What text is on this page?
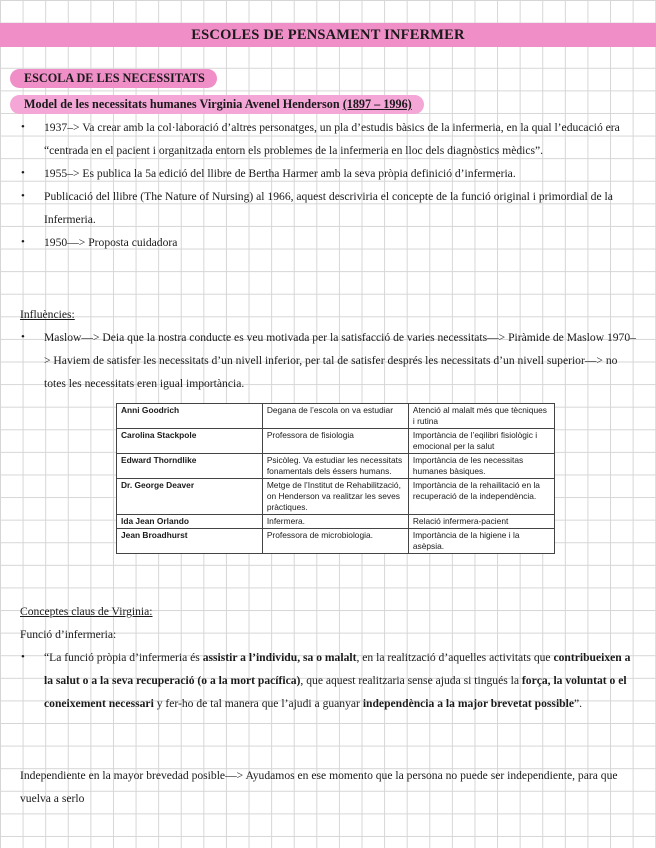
ESCOLES DE PENSAMENT INFERMER
ESCOLA DE LES NECESSITATS
Model de les necessitats humanes Virginia Avenel Henderson (1897 – 1996)
• 1937–> Va crear amb la col·laboració d’altres personatges, un pla d’estudis bàsics de la infermeria, en la qual l’educació era “centrada en el pacient i organitzada entorn els problemes de la infermeria en lloc dels diagnòstics mèdics”.
• 1955–> Es publica la 5a edició del llibre de Bertha Harmer amb la seva pròpia definició d’infermeria.
• Publicació del llibre (The Nature of Nursing) al 1966, aquest descriviria el concepte de la funció original i primordial de la Infermeria.
• 1950—> Proposta cuidadora
Influències:
• Maslow—> Deia que la nostra conducte es veu motivada per la satisfacció de varies necessitats—> Piràmide de Maslow 1970–> Haviem de satisfer les necessitats d’un nivell inferior, per tal de satisfer després les necessitats d’un nivell superior—> no totes les necessitats eren igual importància.
Anni Goodrich	Degana de l’escola on va estudiar	Atenció al malalt més que tècniques i rutina
Carolina Stackpole	Professora de fisiologia	Importància de l’eqilibri fisiològic i emocional per la salut
Edward Thorndlike	Psicòleg. Va estudiar les necessitats fonamentals dels éssers humans.	Importància de les necessitas humanes bàsiques.
Dr. George Deaver	Metge de l’Institut de Rehabilització, on Henderson va realitzar les seves pràctiques.	Importància de la rehailitació en la recuperació de la independència.
Ida Jean Orlando	Infermera.	Relació infermera-pacient
Jean Broadhurst	Professora de microbiologia.	Importància de la higiene i la asèpsia.
Conceptes claus de Virginia:
Funció d’infermeria:
• “La funció pròpia d’infermeria és assistir a l’individu, sa o malalt, en la realització d’aquelles activitats que contribueixen a la salut o a la seva recuperació (o a la mort pacífica), que aquest realitzaria sense ajuda si tingués la força, la voluntat o el coneixement necessari y fer-ho de tal manera que l’ajudi a guanyar independència a la major brevetat possible”.
Independiente en la mayor brevedad posible—> Ayudamos en ese momento que la persona no puede ser independiente, para que vuelva a serlo
